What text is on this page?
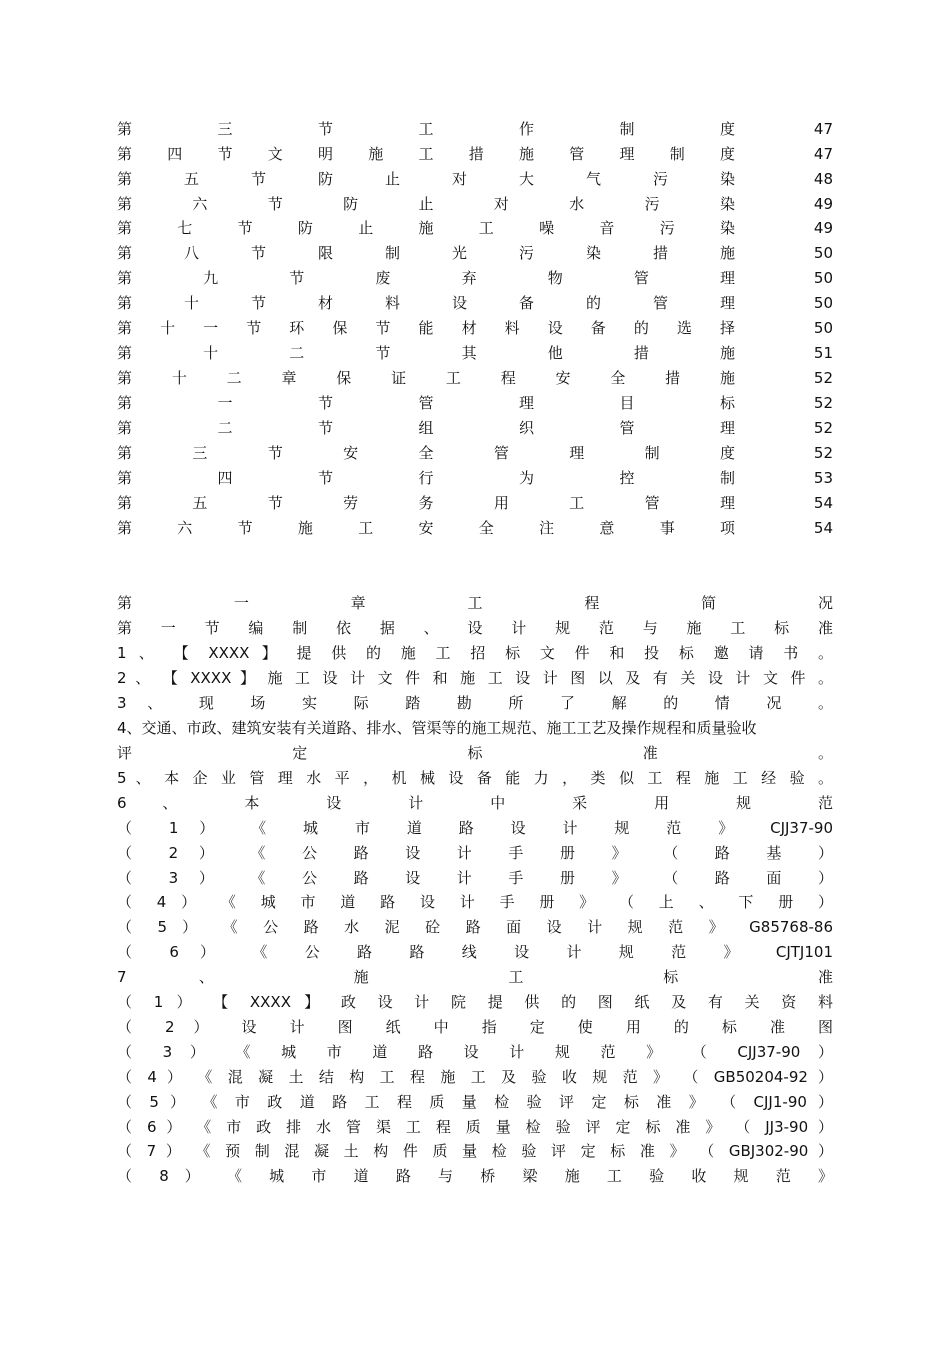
第 三 节 工 作 制 度	47
第 四 节 文 明 施 工 措 施 管 理 制 度	47
第 五 节 防 止 对 大 气 污 染	48
第 六 节 防 止 对 水 污 染	49
第 七 节 防 止 施 工 噪 音 污 染	49
第 八 节 限 制 光 污 染 措 施	50
第 九 节 废 弃 物 管 理	50
第 十 节 材 料 设 备 的 管 理	50
第 十 一 节 环 保 节 能 材 料 设 备 的 选 择	50
第 十 二 节 其 他 措 施	51
第 十 二 章 保 证 工 程 安 全 措 施	52
第 一 节 管 理 目 标	52
第 二 节 组 织 管 理	52
第 三 节 安 全 管 理 制 度	52
第 四 节 行 为 控 制	53
第 五 节 劳 务 用 工 管 理	54
第 六 节 施 工 安 全 注 意 事 项	54
第 一 章 工 程 简 况
第 一 节 编 制 依 据 、 设 计 规 范 与 施 工 标 准
1 、 【 XXXX 】 提 供 的 施 工 招 标 文 件 和 投 标 邀 请 书 。
2 、 【 XXXX 】 施 工 设 计 文 件 和 施 工 设 计 图 以 及 有 关 设 计 文 件 。
3 、 现 场 实 际 踏 勘 所 了 解 的 情 况 。
4、交通、市政、建筑安装有关道路、排水、管渠等的施工规范、施工工艺及操作规程和质量验收
评 定 标 准 。
5 、 本 企 业 管 理 水 平 ， 机 械 设 备 能 力 ， 类 似 工 程 施 工 经 验 。
6 、 本 设 计 中 采 用 规 范
（ 1 ） 《 城 市 道 路 设 计 规 范 》 CJJ37-90
（ 2 ） 《 公 路 设 计 手 册 》 （ 路 基 ）
（ 3 ） 《 公 路 设 计 手 册 》 （ 路 面 ）
（ 4 ） 《 城 市 道 路 设 计 手 册 》 （ 上 、 下 册 ）
（ 5 ） 《 公 路 水 泥 砼 路 面 设 计 规 范 》 G85768-86
（ 6 ） 《 公 路 路 线 设 计 规 范 》 CJTJ101
7 、 施 工 标 准
（ 1 ） 【 XXXX 】 政 设 计 院 提 供 的 图 纸 及 有 关 资 料
（ 2 ） 设 计 图 纸 中 指 定 使 用 的 标 准 图
（ 3 ） 《 城 市 道 路 设 计 规 范 》 （ CJJ37-90 ）
（ 4 ） 《 混 凝 土 结 构 工 程 施 工 及 验 收 规 范 》 （ GB50204-92 ）
（ 5 ） 《 市 政 道 路 工 程 质 量 检 验 评 定 标 准 》 （ CJJ1-90 ）
（ 6 ） 《 市 政 排 水 管 渠 工 程 质 量 检 验 评 定 标 准 》 （ JJ3-90 ）
（ 7 ） 《 预 制 混 凝 土 构 件 质 量 检 验 评 定 标 准 》 （ GBJ302-90 ）
（ 8 ） 《 城 市 道 路 与 桥 梁 施 工 验 收 规 范 》
